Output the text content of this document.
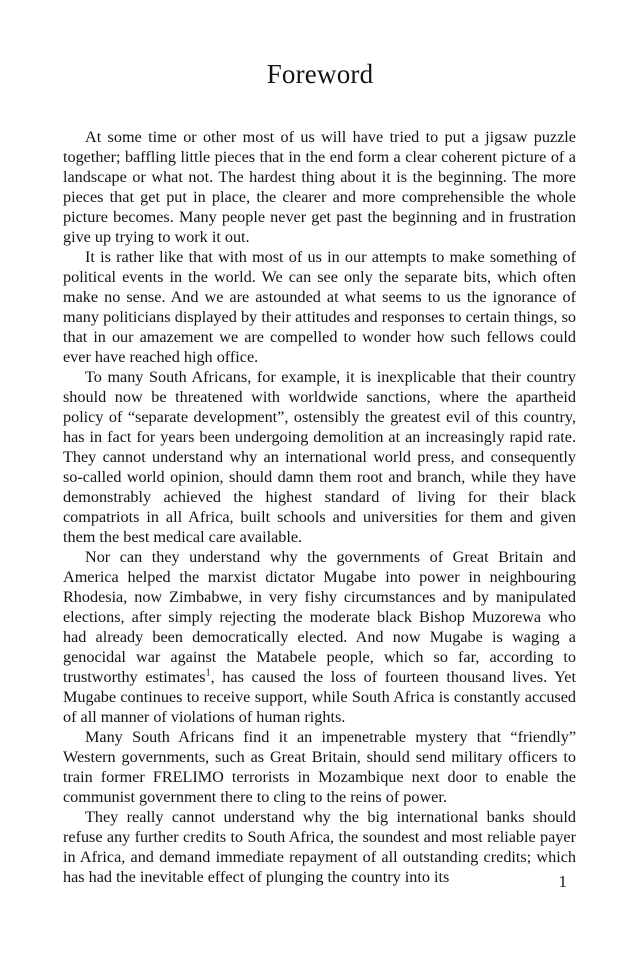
Foreword

At some time or other most of us will have tried to put a jigsaw puzzle together; baffling little pieces that in the end form a clear coherent picture of a landscape or what not. The hardest thing about it is the beginning. The more pieces that get put in place, the clearer and more comprehensible the whole picture becomes. Many people never get past the beginning and in frustration give up trying to work it out.

It is rather like that with most of us in our attempts to make something of political events in the world. We can see only the separate bits, which often make no sense. And we are astounded at what seems to us the ignorance of many politicians displayed by their attitudes and responses to certain things, so that in our amazement we are compelled to wonder how such fellows could ever have reached high office.

To many South Africans, for example, it is inexplicable that their country should now be threatened with worldwide sanctions, where the apartheid policy of “separate development”, ostensibly the greatest evil of this country, has in fact for years been undergoing demolition at an increasingly rapid rate. They cannot understand why an international world press, and consequently so-called world opinion, should damn them root and branch, while they have demonstrably achieved the highest standard of living for their black compatriots in all Africa, built schools and universities for them and given them the best medical care available.

Nor can they understand why the governments of Great Britain and America helped the marxist dictator Mugabe into power in neighbouring Rhodesia, now Zimbabwe, in very fishy circumstances and by manipulated elections, after simply rejecting the moderate black Bishop Muzorewa who had already been democratically elected. And now Mugabe is waging a genocidal war against the Matabele people, which so far, according to trustworthy estimates$^1$, has caused the loss of fourteen thousand lives. Yet Mugabe continues to receive support, while South Africa is constantly accused of all manner of violations of human rights.

Many South Africans find it an impenetrable mystery that “friendly” Western governments, such as Great Britain, should send military officers to train former FRELIMO terrorists in Mozambique next door to enable the communist government there to cling to the reins of power.

They really cannot understand why the big international banks should refuse any further credits to South Africa, the soundest and most reliable payer in Africa, and demand immediate repayment of all outstanding credits; which has had the inevitable effect of plunging the country into its	1
